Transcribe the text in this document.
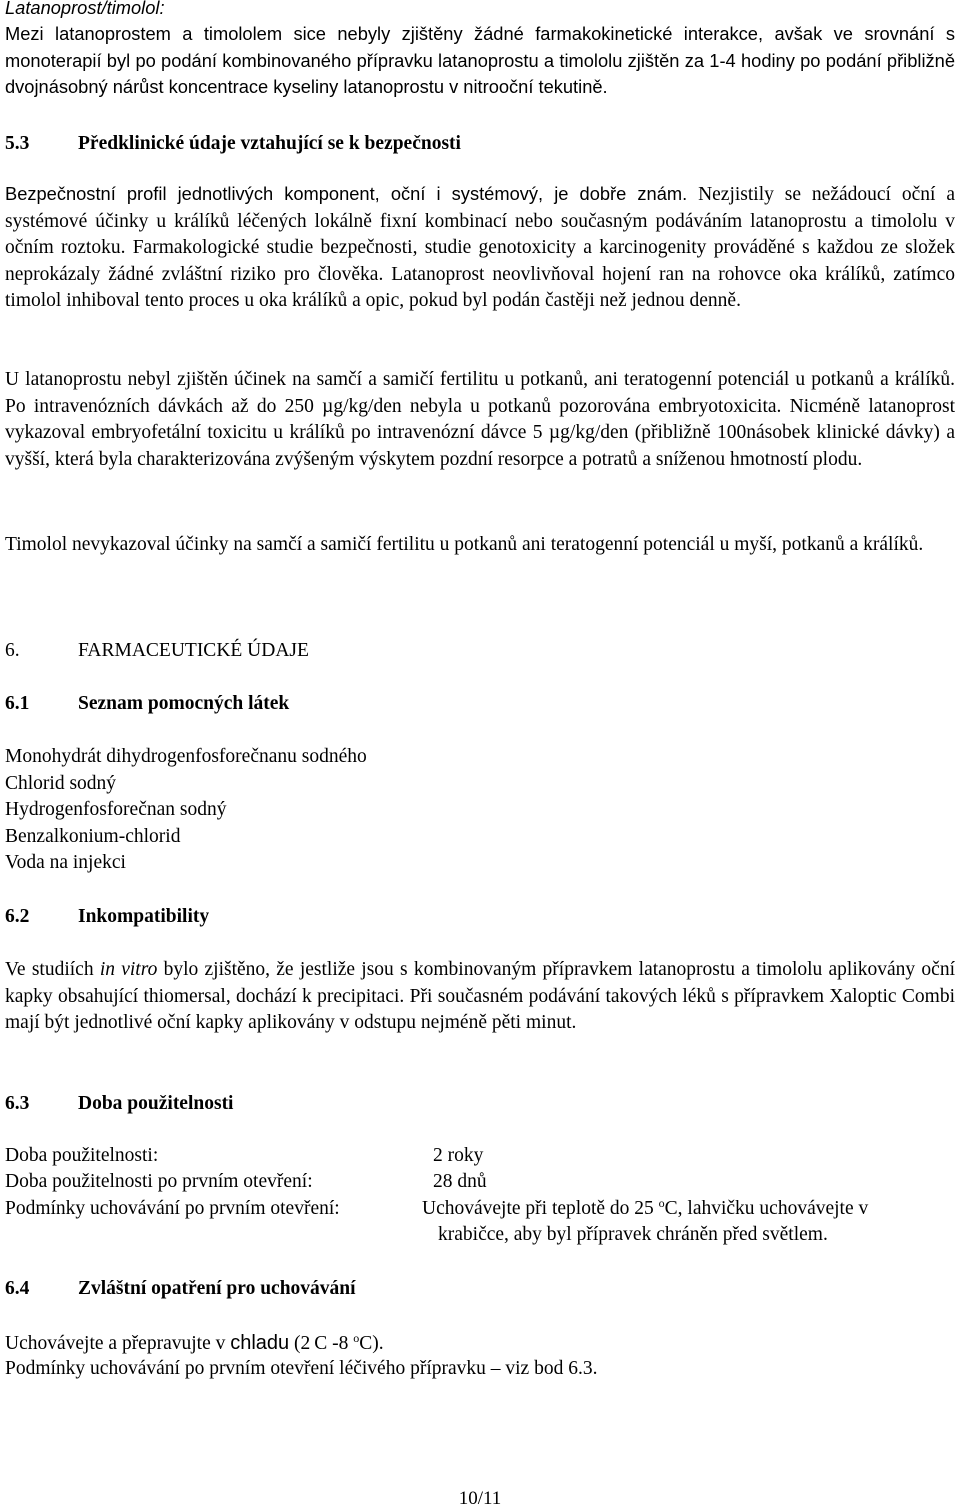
Latanoprost/timolol:

Mezi latanoprostem a timololem sice nebyly zjištěny žádné farmakokinetické interakce, avšak ve srovnání s monoterapií byl po podání kombinovaného přípravku latanoprostu a timololu zjištěn za 1-4 hodiny po podání přibližně dvojnásobný nárůst koncentrace kyseliny latanoprostu v nitrooční tekutině.

5.3 Předklinické údaje vztahující se k bezpečnosti

Bezpečnostní profil jednotlivých komponent, oční i systémový, je dobře znám. Nezjistily se nežádoucí oční a systémové účinky u králíků léčených lokálně fixní kombinací nebo současným podáváním latanoprostu a timololu v očním roztoku. Farmakologické studie bezpečnosti, studie genotoxicity a karcinogenity prováděné s každou ze složek neprokázaly žádné zvláštní riziko pro člověka. Latanoprost neovlivňoval hojení ran na rohovce oka králíků, zatímco timolol inhiboval tento proces u oka králíků a opic, pokud byl podán častěji než jednou denně.

U latanoprostu nebyl zjištěn účinek na samčí a samičí fertilitu u potkanů, ani teratogenní potenciál u potkanů a králíků. Po intravenózních dávkách až do 250 µg/kg/den nebyla u potkanů pozorována embryotoxicita. Nicméně latanoprost vykazoval embryofetální toxicitu u králíků po intravenózní dávce 5 µg/kg/den (přibližně 100násobek klinické dávky) a vyšší, která byla charakterizována zvýšeným výskytem pozdní resorpce a potratů a sníženou hmotností plodu.

Timolol nevykazoval účinky na samčí a samičí fertilitu u potkanů ani teratogenní potenciál u myší, potkanů a králíků.

6.	FARMACEUTICKÉ ÚDAJE
6.1 Seznam pomocných látek
Monohydrát dihydrogenfosforečnanu sodného
Chlorid sodný
Hydrogenfosforečnan sodný
Benzalkonium-chlorid
Voda na injekci
6.2 Inkompatibility

Ve studiích in vitro bylo zjištěno, že jestliže jsou s kombinovaným přípravkem latanoprostu a timololu aplikovány oční kapky obsahující thiomersal, dochází k precipitaci. Při současném podávání takových léků s přípravkem Xaloptic Combi mají být jednotlivé oční kapky aplikovány v odstupu nejméně pěti minut.

6.3 Doba použitelnosti
Doba použitelnosti:	2 roky
Doba použitelnosti po prvním otevření:	28 dnů
Podmínky uchovávání po prvním otevření:	Uchovávejte při teplotě do 25 $^o$C, lahvičku uchovávejte v
krabičce, aby byl přípravek chráněn před světlem.
6.4 Zvláštní opatření pro uchovávání
Uchovávejte a přepravujte v chladu (2 C -8 $^o$C).
Podmínky uchovávání po prvním otevření léčivého přípravku – viz bod 6.3.
10/11
